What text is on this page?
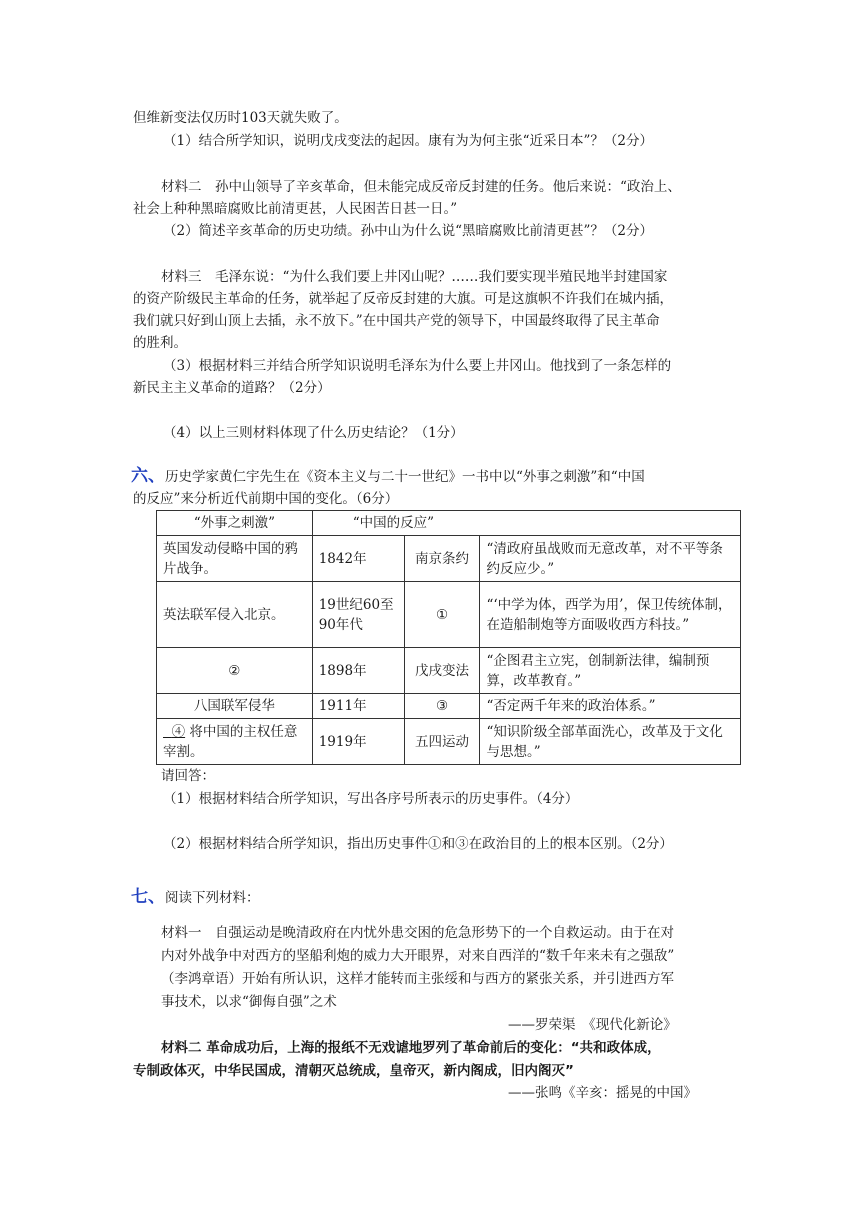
但维新变法仅历时103天就失败了。
（1）结合所学知识，说明戊戌变法的起因。康有为为何主张“近采日本”？（2分）
材料二　孙中山领导了辛亥革命，但未能完成反帝反封建的任务。他后来说：“政治上、
社会上种种黑暗腐败比前清更甚，人民困苦日甚一日。”
（2）简述辛亥革命的历史功绩。孙中山为什么说“黑暗腐败比前清更甚”？（2分）
材料三　毛泽东说：“为什么我们要上井冈山呢？……我们要实现半殖民地半封建国家
的资产阶级民主革命的任务，就举起了反帝反封建的大旗。可是这旗帜不许我们在城内插，
我们就只好到山顶上去插，永不放下。”在中国共产党的领导下，中国最终取得了民主革命
的胜利。
（3）根据材料三并结合所学知识说明毛泽东为什么要上井冈山。他找到了一条怎样的
新民主主义革命的道路？（2分）
（4）以上三则材料体现了什么历史结论？（1分）
六、历史学家黄仁宇先生在《资本主义与二十一世纪》一书中以“外事之刺激”和“中国
的反应”来分析近代前期中国的变化。（6分）
“外事之刺激”	“中国的反应”		
英国发动侵略中国的鸦片战争。	1842年	南京条约	“清政府虽战败而无意改革，对不平等条约反应少。”
英法联军侵入北京。	19世纪60至90年代	①	“‘中学为体，西学为用’，保卫传统体制，在造船制炮等方面吸收西方科技。”
②	1898年	戊戌变法	“企图君主立宪，创制新法律，编制预算，改革教育。”
八国联军侵华	1911年	③	“否定两千年来的政治体系。”
④ 将中国的主权任意宰割。	1919年	五四运动	“知识阶级全部革面洗心，改革及于文化与思想。”
请回答：
（1）根据材料结合所学知识，写出各序号所表示的历史事件。（4分）
（2）根据材料结合所学知识，指出历史事件①和③在政治目的上的根本区别。（2分）
七、阅读下列材料：
材料一　自强运动是晚清政府在内忧外患交困的危急形势下的一个自救运动。由于在对
内对外战争中对西方的坚船利炮的威力大开眼界，对来自西洋的“数千年来未有之强敌”
（李鸿章语）开始有所认识，这样才能转而主张绥和与西方的紧张关系，并引进西方军
事技术，以求“御侮自强”之术
——罗荣渠　《现代化新论》
材料二 革命成功后，上海的报纸不无戏谑地罗列了革命前后的变化：“共和政体成，
专制政体灭，中华民国成，清朝灭总统成，皇帝灭，新内阁成，旧内阁灭”
——张鸣《辛亥：摇晃的中国》
